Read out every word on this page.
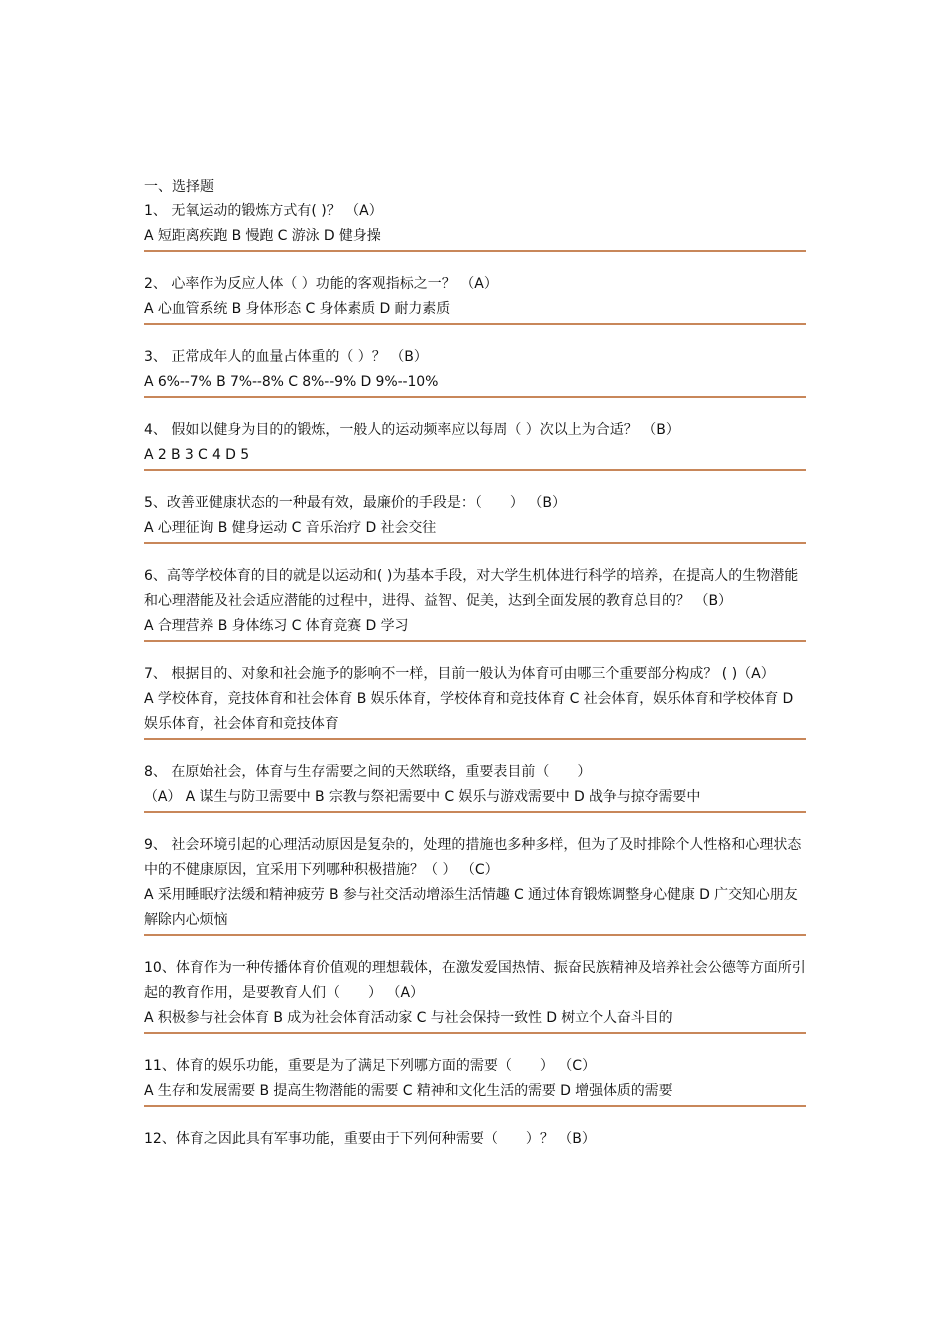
一、选择题

1、 无氧运动的锻炼方式有( )？ （A）

A 短距离疾跑 B 慢跑 C 游泳 D 健身操

2、 心率作为反应人体（ ）功能的客观指标之一？ （A）

A 心血管系统 B 身体形态 C 身体素质 D 耐力素质

3、 正常成年人的血量占体重的（ ）？ （B）

A 6%--7% B 7%--8% C 8%--9% D 9%--10%

4、 假如以健身为目的的锻炼，一般人的运动频率应以每周（ ）次以上为合适？ （B）

A 2 B 3 C 4 D 5

5、改善亚健康状态的一种最有效，最廉价的手段是：（　　） （B）

A 心理征询 B 健身运动 C 音乐治疗 D 社会交往

6、高等学校体育的目的就是以运动和( )为基本手段，对大学生机体进行科学的培养，在提高人的生物潜能和心理潜能及社会适应潜能的过程中，进得、益智、促美，达到全面发展的教育总目的？ （B）

A 合理营养 B 身体练习 C 体育竞赛 D 学习

7、 根据目的、对象和社会施予的影响不一样，目前一般认为体育可由哪三个重要部分构成？ ( )（A）

A 学校体育，竞技体育和社会体育 B 娱乐体育，学校体育和竞技体育 C 社会体育，娱乐体育和学校体育 D 娱乐体育，社会体育和竞技体育

8、 在原始社会，体育与生存需要之间的天然联络，重要表目前（　　）

（A） A 谋生与防卫需要中 B 宗教与祭祀需要中 C 娱乐与游戏需要中 D 战争与掠夺需要中

9、 社会环境引起的心理活动原因是复杂的，处理的措施也多种多样，但为了及时排除个人性格和心理状态中的不健康原因，宜采用下列哪种积极措施？（ ） （C）

A 采用睡眠疗法缓和精神疲劳 B 参与社交活动增添生活情趣 C 通过体育锻炼调整身心健康 D 广交知心朋友解除内心烦恼

10、体育作为一种传播体育价值观的理想载体，在激发爱国热情、振奋民族精神及培养社会公德等方面所引起的教育作用，是要教育人们（　　） （A）

A 积极参与社会体育 B 成为社会体育活动家 C 与社会保持一致性 D 树立个人奋斗目的

11、体育的娱乐功能，重要是为了满足下列哪方面的需要（　　） （C）

A 生存和发展需要 B 提高生物潜能的需要 C 精神和文化生活的需要 D 增强体质的需要

12、体育之因此具有军事功能，重要由于下列何种需要（　　）？ （B）
